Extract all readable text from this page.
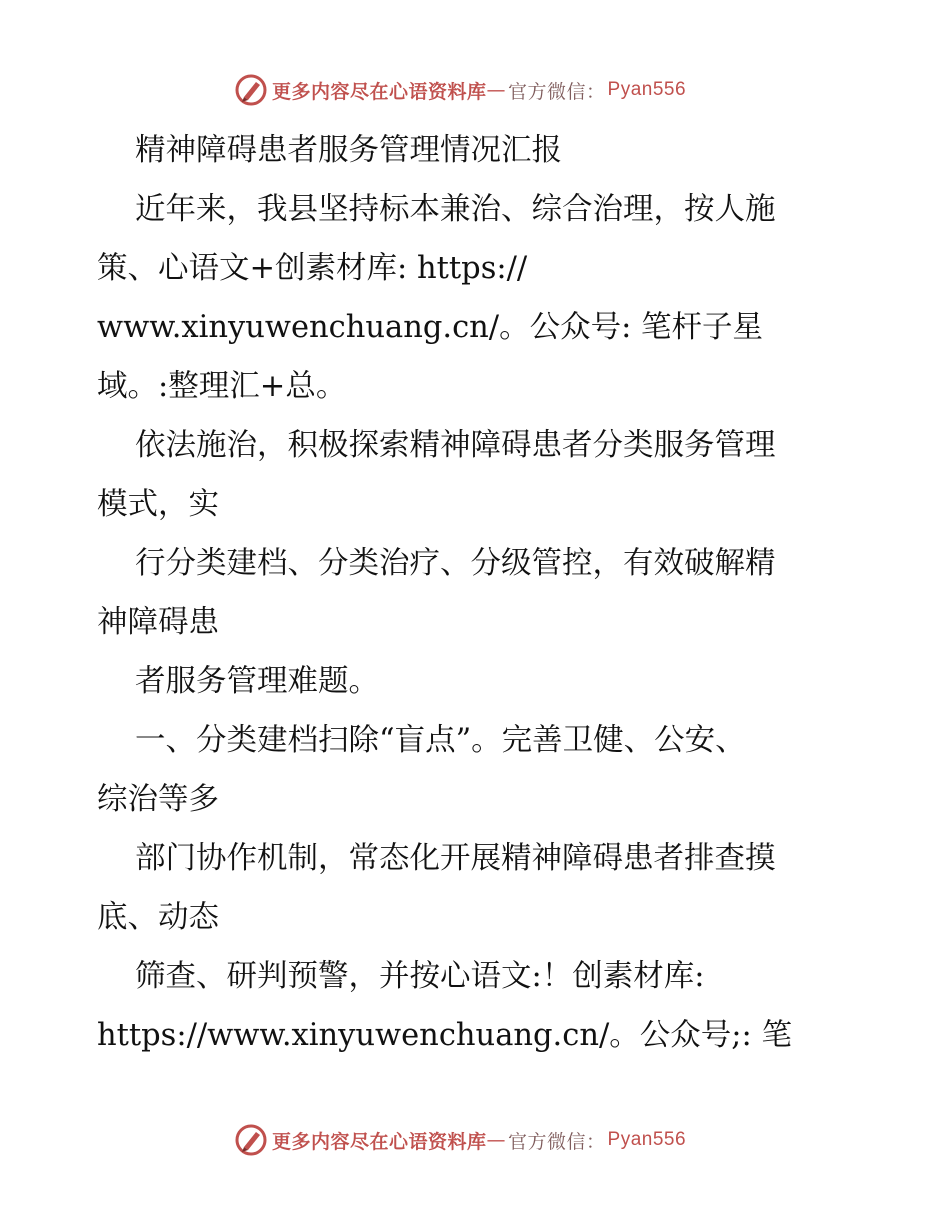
更多内容尽在心语资料库 — 官方微信： Pyan556
精神障碍患者服务管理情况汇报
近年来，我县坚持标本兼治、综合治理，按人施
策、心语文+创素材库: https://
www.xinyuwenchuang.cn/。公众号: 笔杆子星
域。:整理汇+总。
依法施治，积极探索精神障碍患者分类服务管理
模式，实
行分类建档、分类治疗、分级管控，有效破解精
神障碍患
者服务管理难题。
一、分类建档扫除“盲点”。完善卫健、公安、
综治等多
部门协作机制，常态化开展精神障碍患者排查摸
底、动态
筛查、研判预警，并按心语文:！创素材库:
https://www.xinyuwenchuang.cn/。公众号;: 笔
更多内容尽在心语资料库 — 官方微信： Pyan556
